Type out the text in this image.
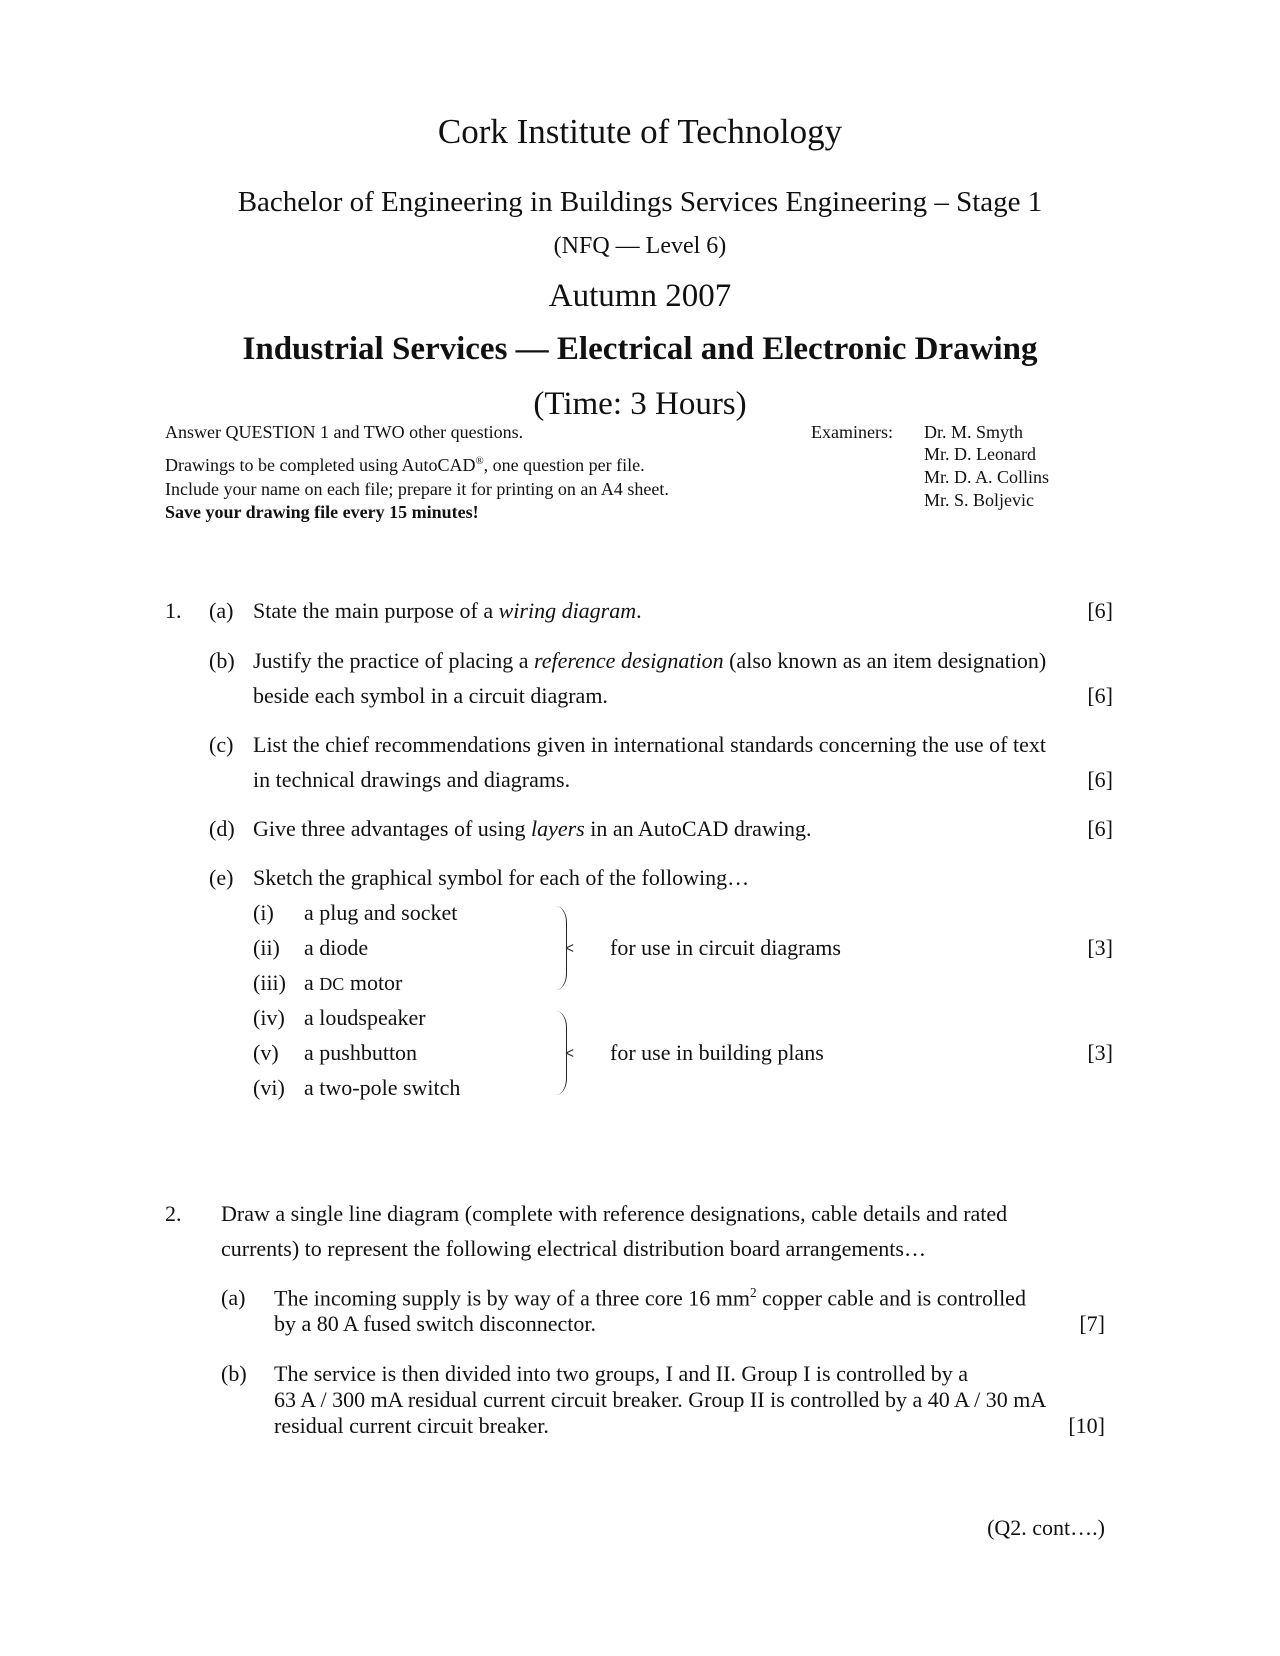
Cork Institute of Technology
Bachelor of Engineering in Buildings Services Engineering – Stage 1
(NFQ — Level 6)
Autumn 2007
Industrial Services — Electrical and Electronic Drawing
(Time: 3 Hours)
Answer QUESTION 1 and TWO other questions.
Drawings to be completed using AutoCAD®, one question per file.
Include your name on each file; prepare it for printing on an A4 sheet.
Save your drawing file every 15 minutes!
Examiners: Dr. M. Smyth
Mr. D. Leonard
Mr. D. A. Collins
Mr. S. Boljevic
1. (a) State the main purpose of a wiring diagram.	[6]
(b) Justify the practice of placing a reference designation (also known as an item designation)
beside each symbol in a circuit diagram.	[6]
(c) List the chief recommendations given in international standards concerning the use of text
in technical drawings and diagrams.	[6]
(d) Give three advantages of using layers in an AutoCAD drawing.	[6]
(e) Sketch the graphical symbol for each of the following…
(i) a plug and socket
(ii) a diode
(iii) a DC motor
(iv) a loudspeaker
(v) a pushbutton
(vi) a two-pole switch
for use in circuit diagrams	[3]
for use in building plans	[3]
2. Draw a single line diagram (complete with reference designations, cable details and rated
currents) to represent the following electrical distribution board arrangements…
(a) The incoming supply is by way of a three core 16 $mm^2$ copper cable and is controlled
by a 80 A fused switch disconnector.	[7]
(b) The service is then divided into two groups, I and II. Group I is controlled by a
63 A / 300 mA residual current circuit breaker. Group II is controlled by a 40 A / 30 mA
residual current circuit breaker.	[10]
(Q2. cont….)
